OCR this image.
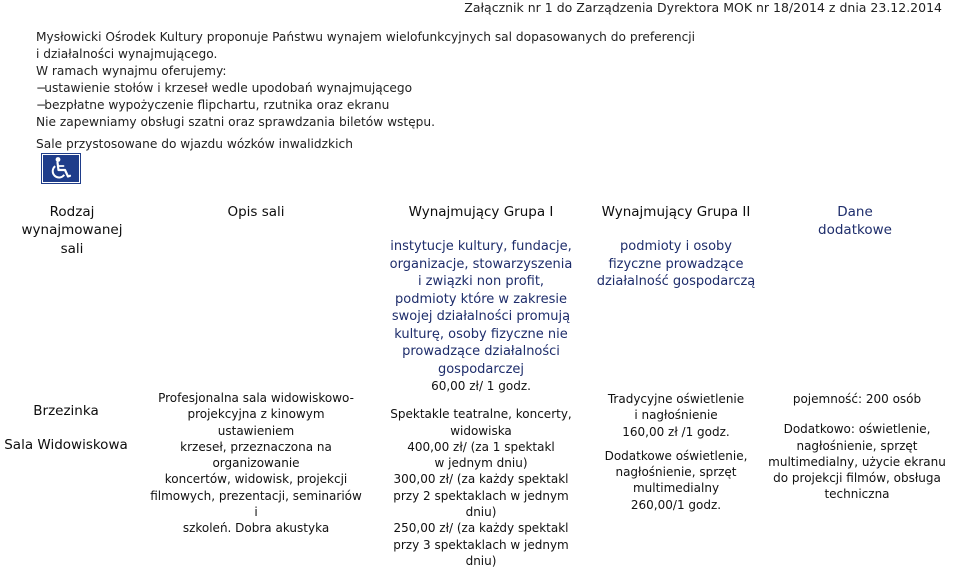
Załącznik nr 1 do Zarządzenia Dyrektora MOK nr 18/2014 z dnia 23.12.2014
Mysłowicki Ośrodek Kultury proponuje Państwu wynajem wielofunkcyjnych sal dopasowanych do preferencji
i działalności wynajmującego.
W ramach wynajmu oferujemy:
−ustawienie stołów i krzeseł wedle upodobań wynajmującego
−bezpłatne wypożyczenie flipchartu, rzutnika oraz ekranu
Nie zapewniamy obsługi szatni oraz sprawdzania biletów wstępu.
Sale przystosowane do wjazdu wózków inwalidzkich
Rodzaj
wynajmowanej
sali
Opis sali	Wynajmujący Grupa I
instytucje kultury, fundacje,
organizacje, stowarzyszenia
i związki non profit,
podmioty które w zakresie
swojej działalności promują
kulturę, osoby fizyczne nie
prowadzące działalności
gospodarczej
Wynajmujący Grupa II
podmioty i osoby
fizyczne prowadzące
działalność gospodarczą
Dane
dodatkowe
Brzezinka
Sala Widowiskowa
Profesjonalna sala widowiskowo-
projekcyjna z kinowym ustawieniem
krzeseł, przeznaczona na organizowanie
koncertów, widowisk, projekcji
filmowych, prezentacji, seminariów i
szkoleń. Dobra akustyka
60,00 zł/ 1 godz.
Spektakle teatralne, koncerty,
widowiska
400,00 zł/ (za 1 spektakl
w jednym dniu)
300,00 zł/ (za każdy spektakl
przy 2 spektaklach w jednym
dniu)
250,00 zł/ (za każdy spektakl
przy 3 spektaklach w jednym
dniu)
Tradycyjne oświetlenie
i nagłośnienie
160,00 zł /1 godz.
Dodatkowe oświetlenie,
nagłośnienie, sprzęt
multimedialny
260,00/1 godz.
pojemność: 200 osób
Dodatkowo: oświetlenie,
nagłośnienie, sprzęt
multimedialny, użycie ekranu
do projekcji filmów, obsługa
techniczna
